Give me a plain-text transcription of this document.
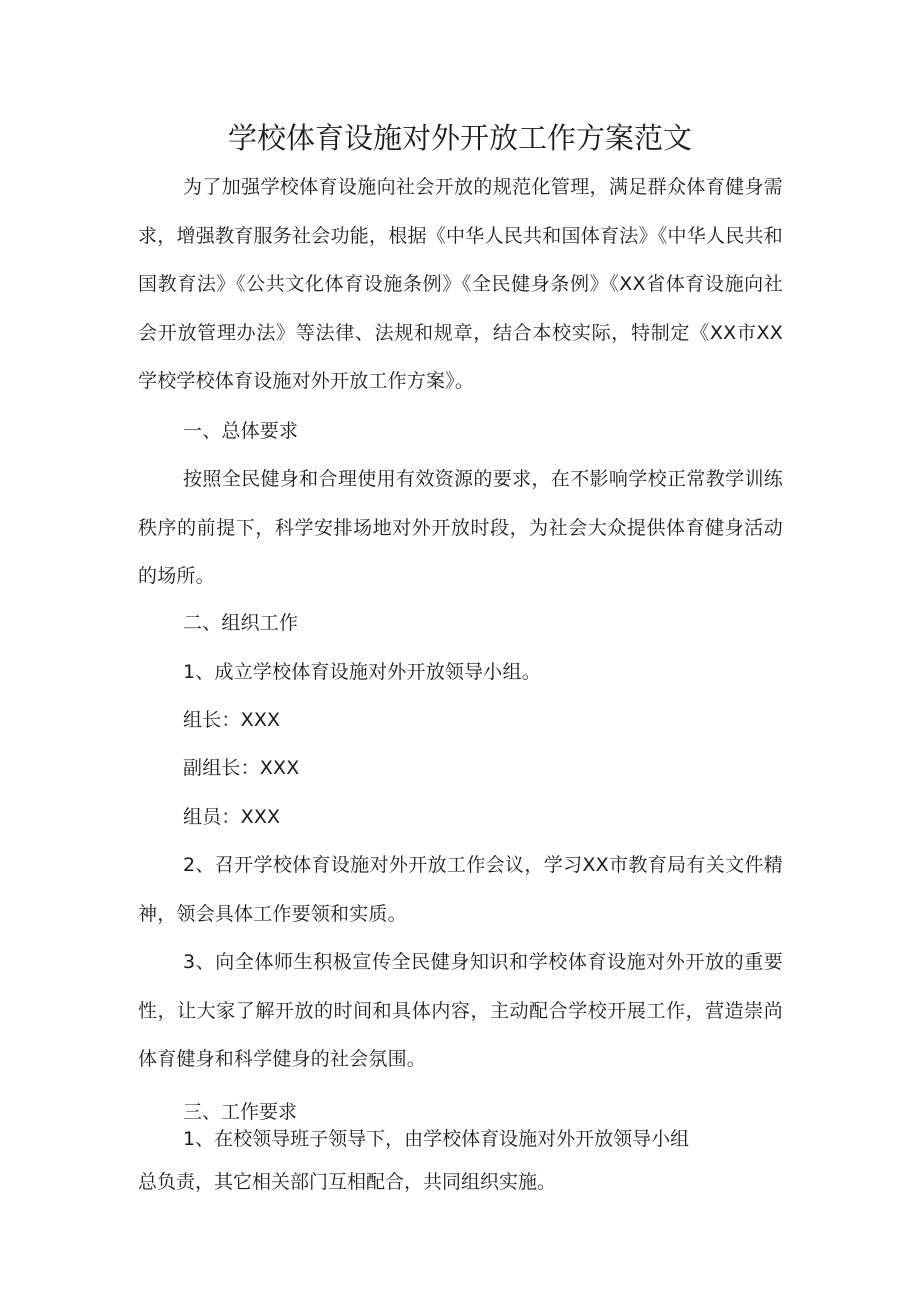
学校体育设施对外开放工作方案范文

为了加强学校体育设施向社会开放的规范化管理，满足群众体育健身需求，增强教育服务社会功能，根据《中华人民共和国体育法》《中华人民共和国教育法》《公共文化体育设施条例》《全民健身条例》《XX省体育设施向社会开放管理办法》等法律、法规和规章，结合本校实际，特制定《XX市XX学校学校体育设施对外开放工作方案》。

一、总体要求

按照全民健身和合理使用有效资源的要求，在不影响学校正常教学训练秩序的前提下，科学安排场地对外开放时段，为社会大众提供体育健身活动的场所。

二、组织工作

1、成立学校体育设施对外开放领导小组。

组长：XXX

副组长：XXX

组员：XXX

2、召开学校体育设施对外开放工作会议，学习XX市教育局有关文件精神，领会具体工作要领和实质。

3、向全体师生积极宣传全民健身知识和学校体育设施对外开放的重要性，让大家了解开放的时间和具体内容，主动配合学校开展工作，营造崇尚体育健身和科学健身的社会氛围。

三、工作要求

1、在校领导班子领导下，由学校体育设施对外开放领导小组

总负责，其它相关部门互相配合，共同组织实施。
